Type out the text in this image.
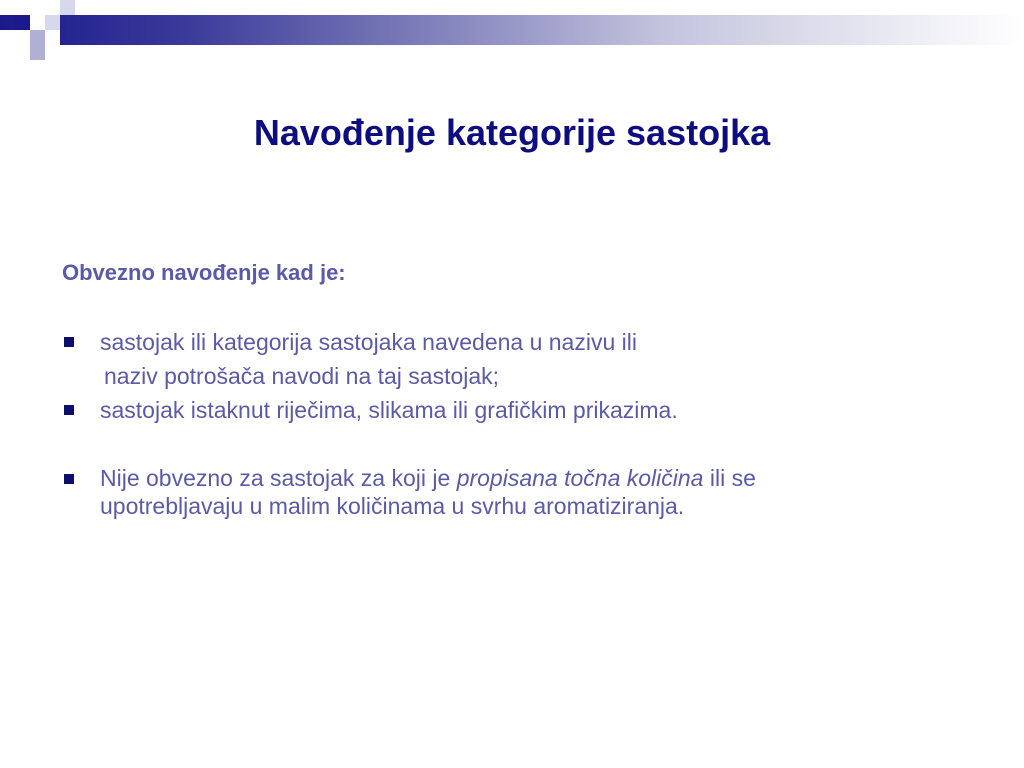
Navođenje kategorije sastojka

Obvezno navođenje kad je:

sastojak ili kategorija sastojaka navedena u nazivu ili

naziv potrošača navodi na taj sastojak;

sastojak istaknut riječima, slikama ili grafičkim prikazima.

Nije obvezno za sastojak za koji je propisana točna količina ili se
upotrebljavaju u malim količinama u svrhu aromatiziranja.
